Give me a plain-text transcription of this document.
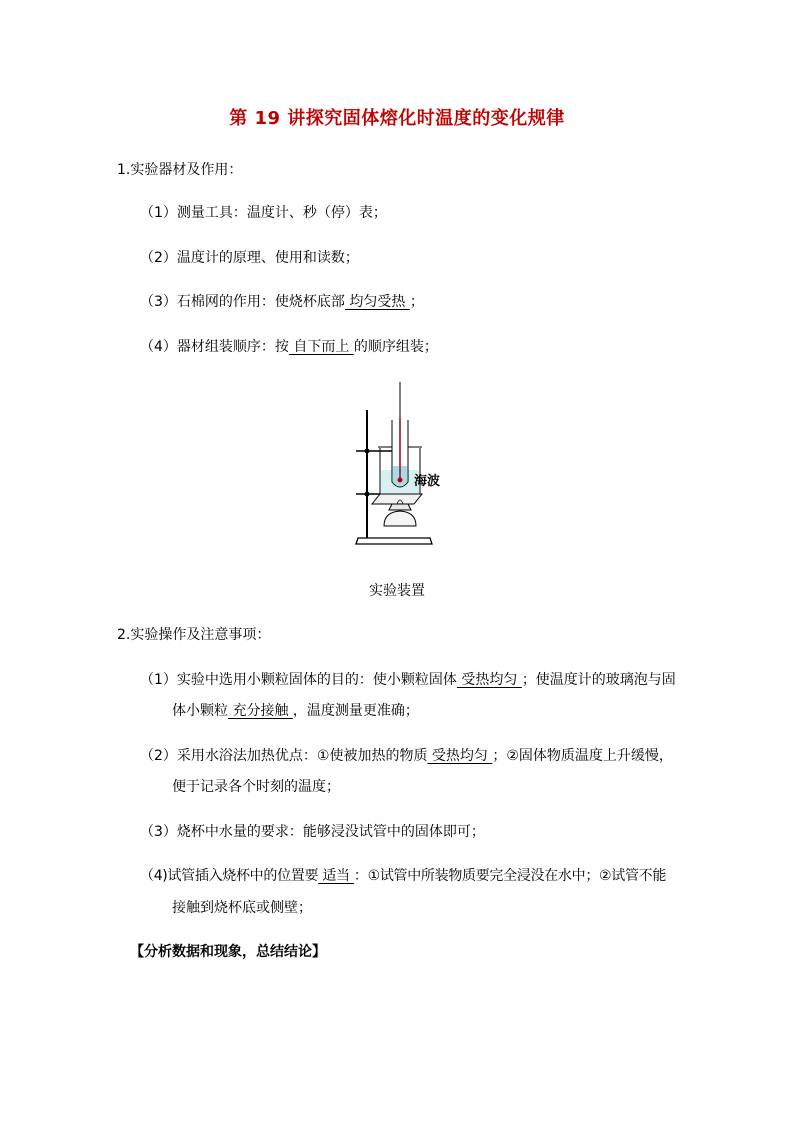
第 19 讲探究固体熔化时温度的变化规律
1.实验器材及作用：
（1）测量工具：温度计、秒（停）表；
（2）温度计的原理、使用和读数；
（3）石棉网的作用：使烧杯底部 均匀受热 ；
（4）器材组装顺序：按 自下而上 的顺序组装；
海波
实验装置
2.实验操作及注意事项：
（1）实验中选用小颗粒固体的目的：使小颗粒固体 受热均匀 ；使温度计的玻璃泡与固
体小颗粒 充分接触 ，温度测量更准确；
（2）采用水浴法加热优点：①使被加热的物质 受热均匀 ；②固体物质温度上升缓慢，
便于记录各个时刻的温度；
（3）烧杯中水量的要求：能够浸没试管中的固体即可；
（4)试管插入烧杯中的位置要 适当 ：①试管中所装物质要完全浸没在水中；②试管不能
接触到烧杯底或侧壁；
【分析数据和现象，总结结论】
